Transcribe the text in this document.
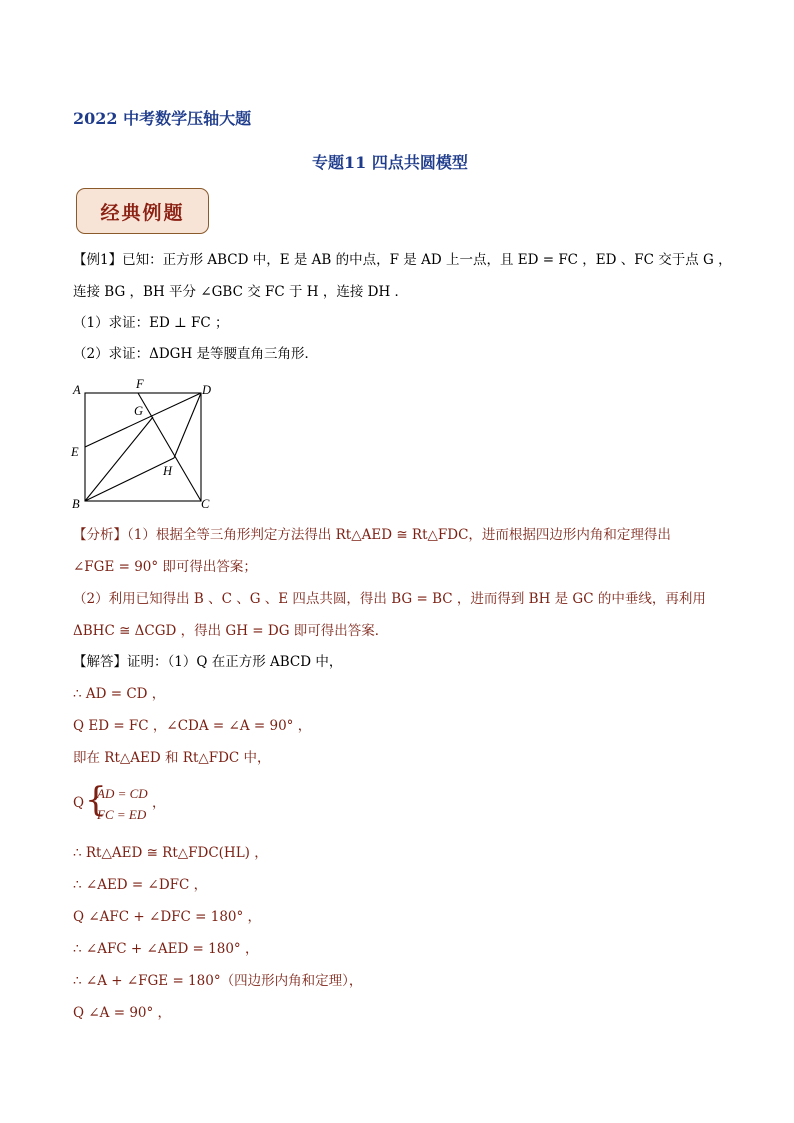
2022 中考数学压轴大题
专题11 四点共圆模型
经典例题
【例1】已知：正方形 ABCD 中，E 是 AB 的中点，F 是 AD 上一点，且 ED = FC ，ED 、FC 交于点 G ，
连接 BG ，BH 平分 ∠GBC 交 FC 于 H ，连接 DH ．
（1）求证：ED ⊥ FC ；
（2）求证：ΔDGH 是等腰直角三角形．
A	F	D
G
E
H
B	C
【分析】（1）根据全等三角形判定方法得出 Rt△AED ≅ Rt△FDC，进而根据四边形内角和定理得出
∠FGE = 90° 即可得出答案；
（2）利用已知得出 B 、C 、G 、E 四点共圆，得出 BG = BC ，进而得到 BH 是 GC 的中垂线，再利用
ΔBHC ≅ ΔCGD ，得出 GH = DG 即可得出答案．
【解答】证明：（1）Q 在正方形 ABCD 中，
∴ AD = CD ，
Q ED = FC ，∠CDA = ∠A = 90° ，
即在 Rt△AED 和 Rt△FDC 中，
Q {
AD = CD
FC = ED
，
∴ Rt△AED ≅ Rt△FDC(HL) ，
∴ ∠AED = ∠DFC ，
Q ∠AFC + ∠DFC = 180° ，
∴ ∠AFC + ∠AED = 180° ，
∴ ∠A + ∠FGE = 180°（四边形内角和定理），
Q ∠A = 90° ，
